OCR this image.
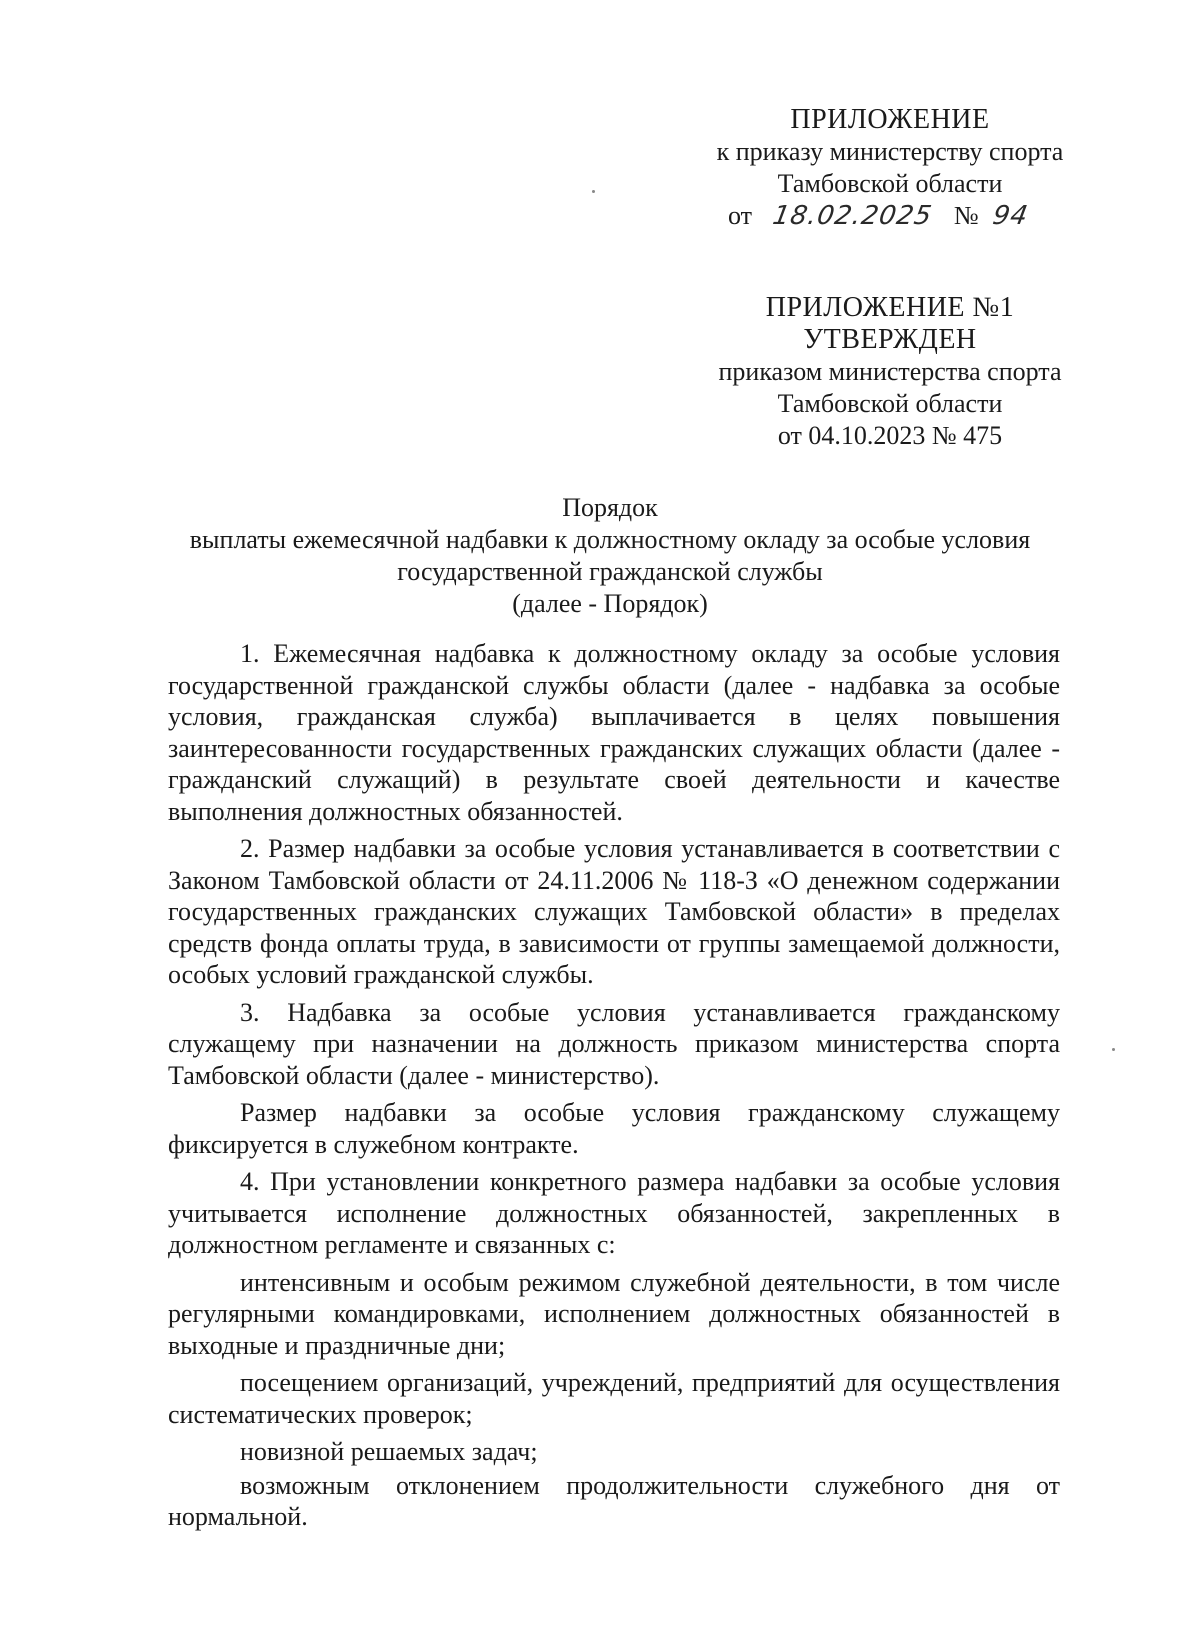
ПРИЛОЖЕНИЕ
к приказу министерству спорта
Тамбовской области
от 18.02.2025 № 94
ПРИЛОЖЕНИЕ №1
УТВЕРЖДЕН
приказом министерства спорта
Тамбовской области
от 04.10.2023 № 475
Порядок
выплаты ежемесячной надбавки к должностному окладу за особые условия
государственной гражданской службы
(далее - Порядок)

1. Ежемесячная надбавка к должностному окладу за особые условия государственной гражданской службы области (далее - надбавка за особые условия, гражданская служба) выплачивается в целях повышения заинтересованности государственных гражданских служащих области (далее - гражданский служащий) в результате своей деятельности и качестве выполнения должностных обязанностей.

2. Размер надбавки за особые условия устанавливается в соответствии с Законом Тамбовской области от 24.11.2006 № 118-З «О денежном содержании государственных гражданских служащих Тамбовской области» в пределах средств фонда оплаты труда, в зависимости от группы замещаемой должности, особых условий гражданской службы.

3. Надбавка за особые условия устанавливается гражданскому служащему при назначении на должность приказом министерства спорта Тамбовской области (далее - министерство).

Размер надбавки за особые условия гражданскому служащему фиксируется в служебном контракте.

4. При установлении конкретного размера надбавки за особые условия учитывается исполнение должностных обязанностей, закрепленных в должностном регламенте и связанных с:

интенсивным и особым режимом служебной деятельности, в том числе регулярными командировками, исполнением должностных обязанностей в выходные и праздничные дни;

посещением организаций, учреждений, предприятий для осуществления систематических проверок;

новизной решаемых задач;

возможным отклонением продолжительности служебного дня от нормальной.
